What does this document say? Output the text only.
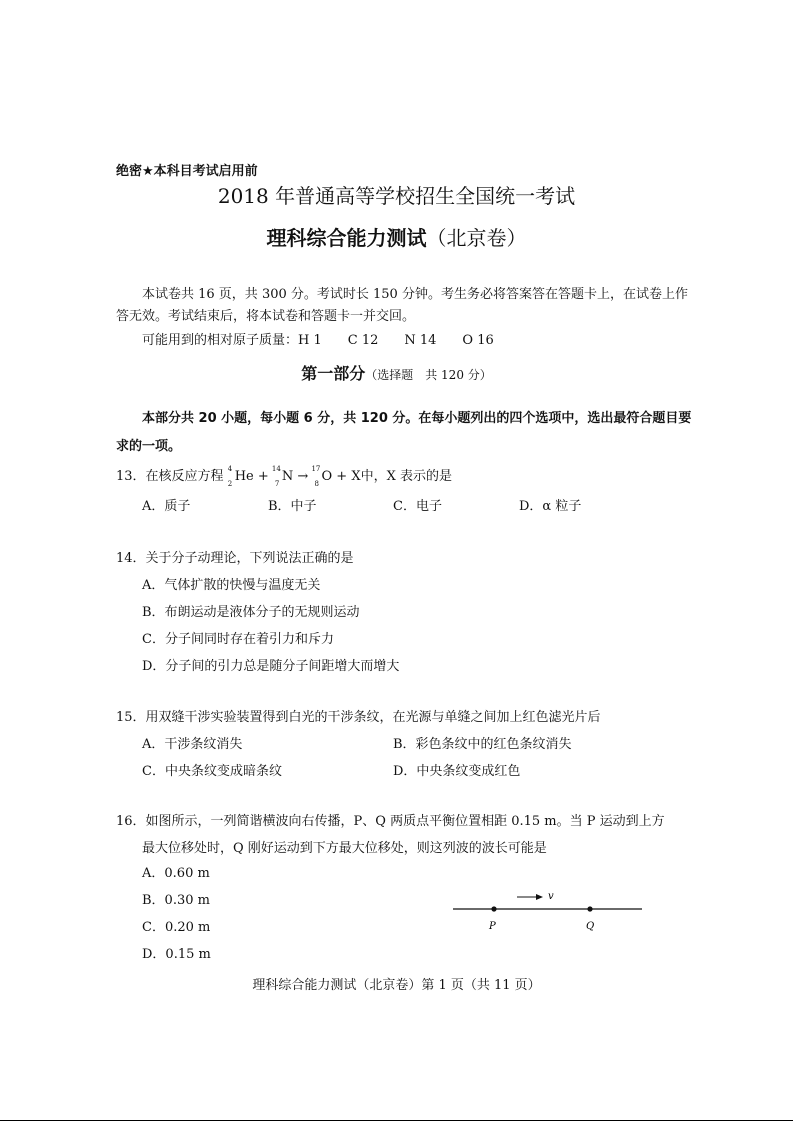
绝密★本科目考试启用前
2018 年普通高等学校招生全国统一考试
理科综合能力测试（北京卷）
本试卷共 16 页，共 300 分。考试时长 150 分钟。考生务必将答案答在答题卡上，在试卷上作答无效。考试结束后，将本试卷和答题卡一并交回。
可能用到的相对原子质量：H 1　　C 12　　N 14　　O 16
第一部分（选择题　共 120 分）
本部分共 20 小题，每小题 6 分，共 120 分。在每小题列出的四个选项中，选出最符合题目要求的一项。
13．在核反应方程 4
2 He + 14
7 N → 17
8 O + X中，X 表示的是
A．质子	B．中子	C．电子	D．α 粒子
14．关于分子动理论，下列说法正确的是
A．气体扩散的快慢与温度无关
B．布朗运动是液体分子的无规则运动
C．分子间同时存在着引力和斥力
D．分子间的引力总是随分子间距增大而增大
15．用双缝干涉实验装置得到白光的干涉条纹，在光源与单缝之间加上红色滤光片后
A．干涉条纹消失	B．彩色条纹中的红色条纹消失
C．中央条纹变成暗条纹	D．中央条纹变成红色
16．如图所示，一列简谐横波向右传播，P、Q 两质点平衡位置相距 0.15 m。当 P 运动到上方
最大位移处时，Q 刚好运动到下方最大位移处，则这列波的波长可能是
A．0.60 m
B．0.30 m
C．0.20 m
D．0.15 m
v
P	Q
理科综合能力测试（北京卷）第 1 页（共 11 页）
